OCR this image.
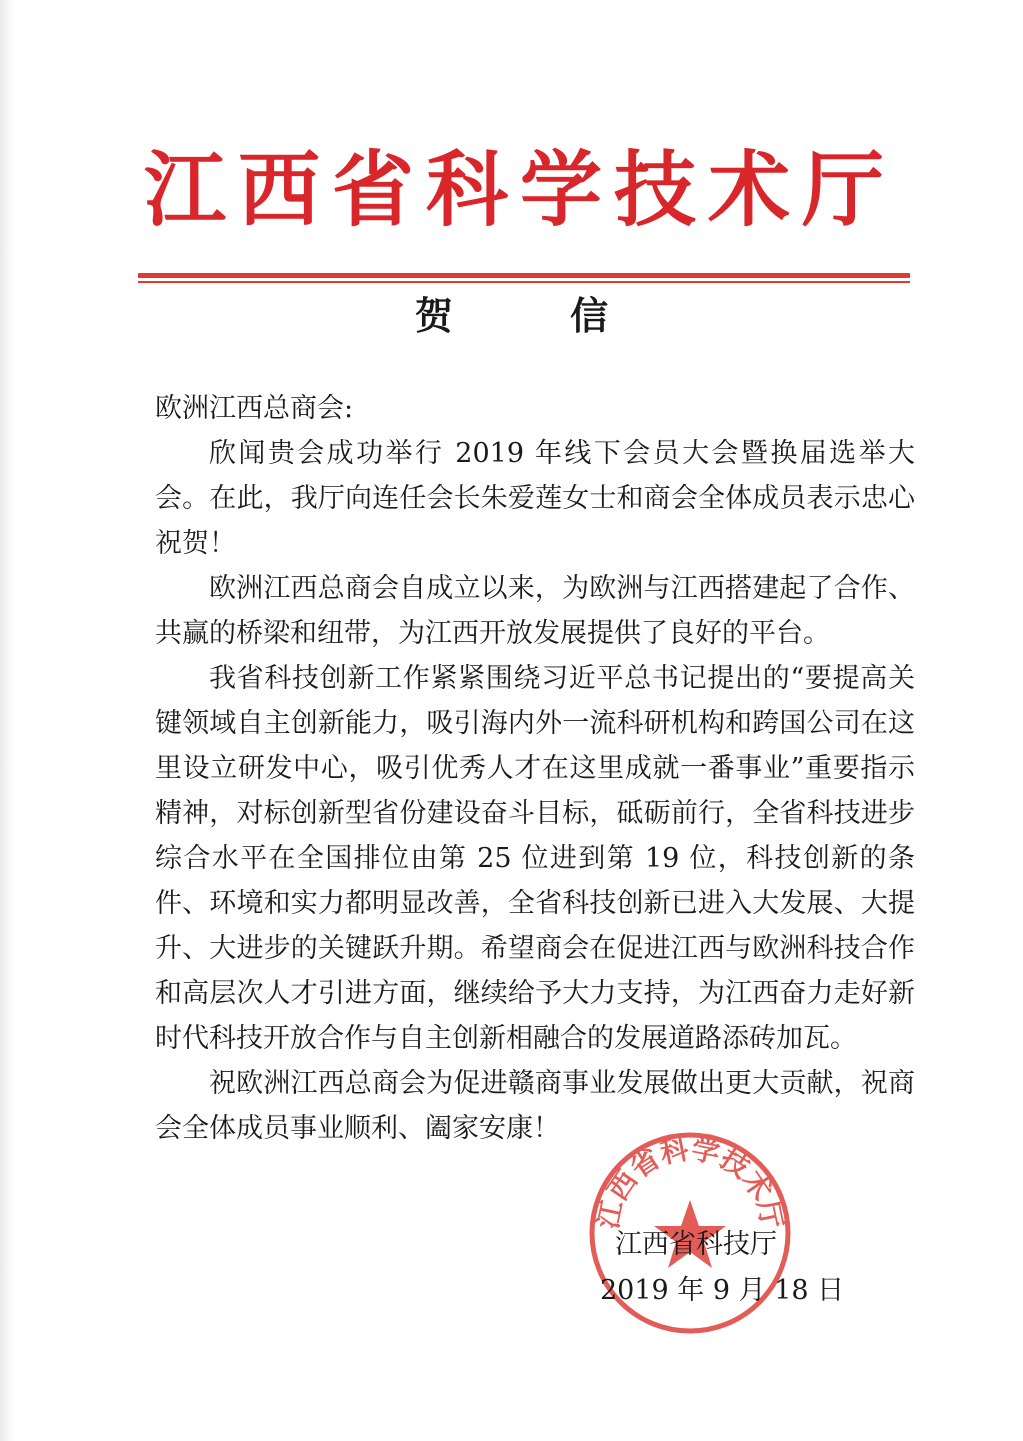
江西省科学技术厅
贺 信

欧洲江西总商会:

欣闻贵会成功举行 2019 年线下会员大会暨换届选举大会。在此，我厅向连任会长朱爱莲女士和商会全体成员表示忠心祝贺！

欧洲江西总商会自成立以来，为欧洲与江西搭建起了合作、共赢的桥梁和纽带，为江西开放发展提供了良好的平台。

我省科技创新工作紧紧围绕习近平总书记提出的“要提高关键领域自主创新能力，吸引海内外一流科研机构和跨国公司在这里设立研发中心，吸引优秀人才在这里成就一番事业”重要指示精神，对标创新型省份建设奋斗目标，砥砺前行，全省科技进步综合水平在全国排位由第 25 位进到第 19 位，科技创新的条件、环境和实力都明显改善，全省科技创新已进入大发展、大提升、大进步的关键跃升期。希望商会在促进江西与欧洲科技合作和高层次人才引进方面，继续给予大力支持，为江西奋力走好新时代科技开放合作与自主创新相融合的发展道路添砖加瓦。

祝欧洲江西总商会为促进赣商事业发展做出更大贡献，祝商会全体成员事业顺利、阖家安康！

江西省科学技术厅
江西省科技厅
2019 年 9 月 18 日
